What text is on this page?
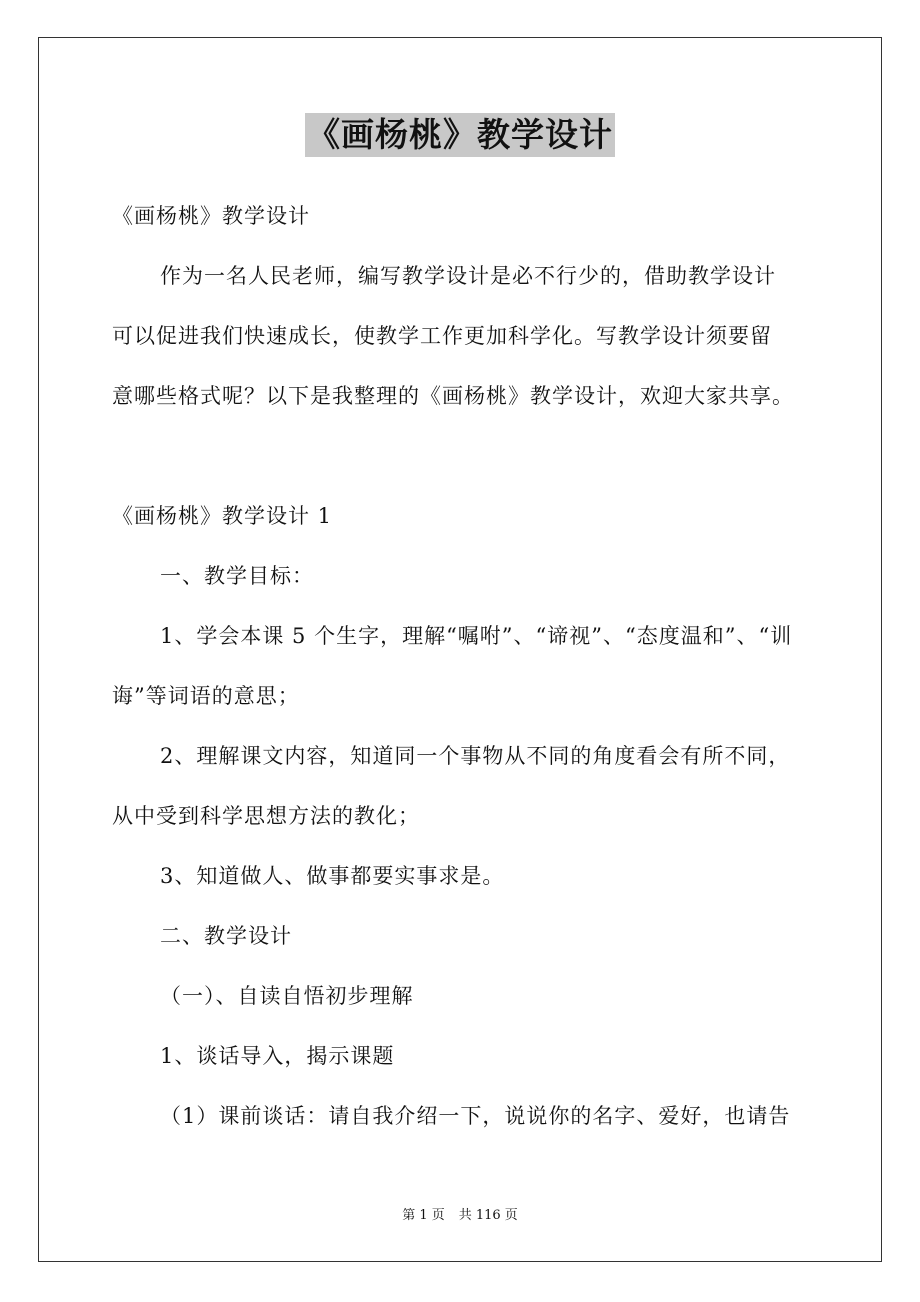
《画杨桃》教学设计
《画杨桃》教学设计
作为一名人民老师，编写教学设计是必不行少的，借助教学设计
可以促进我们快速成长，使教学工作更加科学化。写教学设计须要留
意哪些格式呢？以下是我整理的《画杨桃》教学设计，欢迎大家共享。
《画杨桃》教学设计 1
一、教学目标：
1、学会本课 5 个生字，理解“嘱咐”、“谛视”、“态度温和”、“训
诲”等词语的意思；
2、理解课文内容，知道同一个事物从不同的角度看会有所不同，
从中受到科学思想方法的教化；
3、知道做人、做事都要实事求是。
二、教学设计
（一）、自读自悟初步理解
1、谈话导入，揭示课题
（1）课前谈话：请自我介绍一下，说说你的名字、爱好，也请告
第 1 页 共 116 页
